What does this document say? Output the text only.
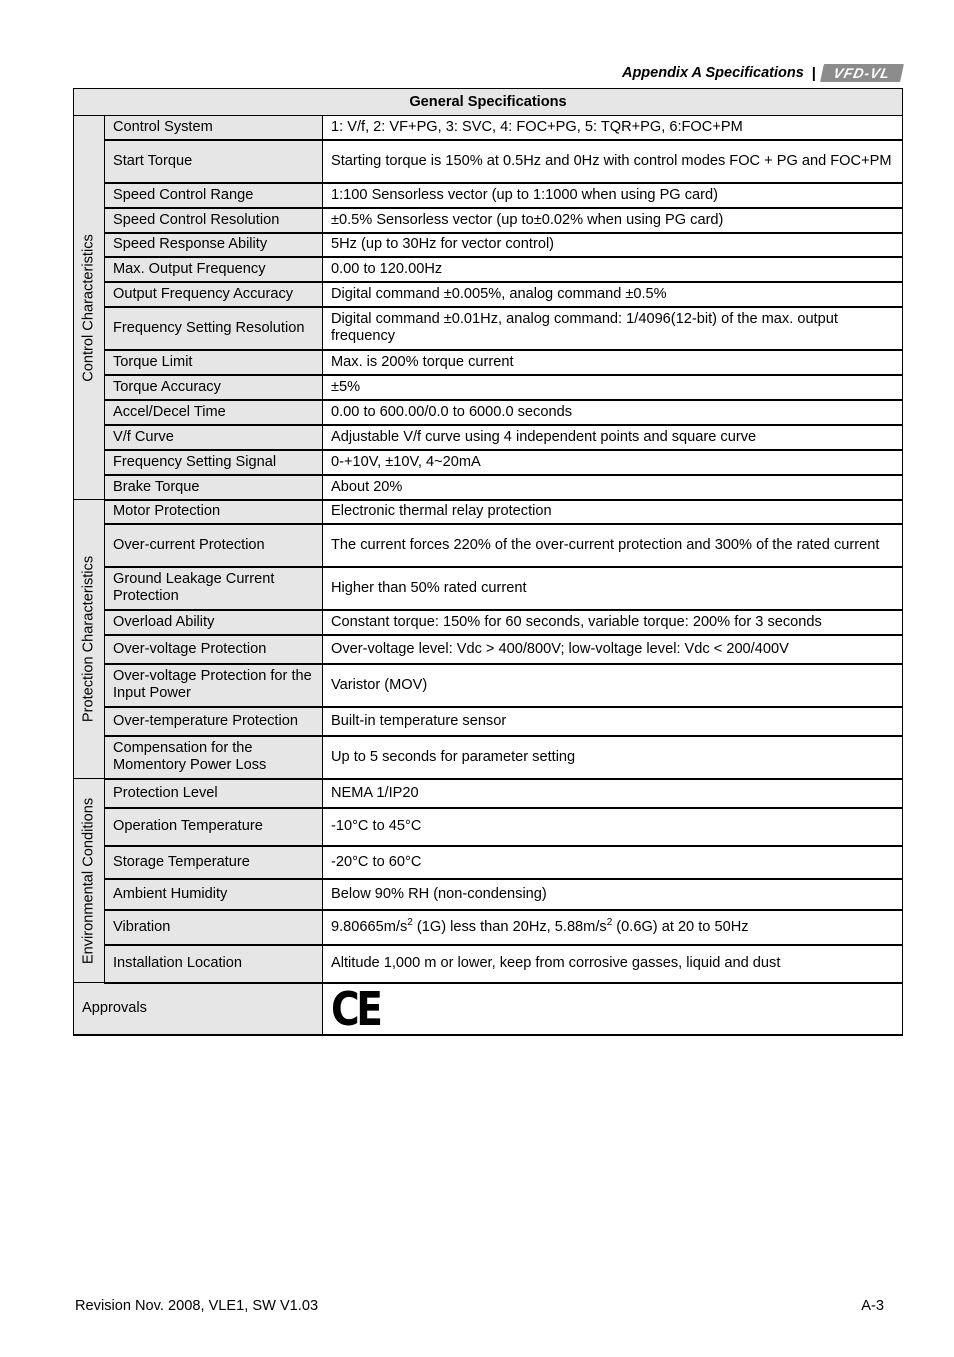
Appendix A Specifications | VFD-VL
General Specifications		

Control Characteristics	Control System	1: V/f, 2: VF+PG, 3: SVC, 4: FOC+PG, 5: TQR+PG, 6:FOC+PM
	Start Torque	Starting torque is 150% at 0.5Hz and 0Hz with control modes FOC + PG and FOC+PM
	Speed Control Range	1:100 Sensorless vector (up to 1:1000 when using PG card)
	Speed Control Resolution	±0.5% Sensorless vector (up to±0.02% when using PG card)
	Speed Response Ability	5Hz (up to 30Hz for vector control)
	Max. Output Frequency	0.00 to 120.00Hz
	Output Frequency Accuracy	Digital command ±0.005%, analog command ±0.5%
	Frequency Setting Resolution	Digital command ±0.01Hz, analog command: 1/4096(12-bit) of the max. output frequency
	Torque Limit	Max. is 200% torque current
	Torque Accuracy	±5%
	Accel/Decel Time	0.00 to 600.00/0.0 to 6000.0 seconds
	V/f Curve	Adjustable V/f curve using 4 independent points and square curve
	Frequency Setting Signal	0-+10V, ±10V, 4~20mA
	Brake Torque	About 20%

Protection Characteristics	Motor Protection	Electronic thermal relay protection
	Over-current Protection	The current forces 220% of the over-current protection and 300% of the rated current
	Ground Leakage Current Protection	Higher than 50% rated current
	Overload Ability	Constant torque: 150% for 60 seconds, variable torque: 200% for 3 seconds
	Over-voltage Protection	Over-voltage level: Vdc > 400/800V; low-voltage level: Vdc < 200/400V
	Over-voltage Protection for the Input Power	Varistor (MOV)
	Over-temperature Protection	Built-in temperature sensor
	Compensation for the Momentory Power Loss	Up to 5 seconds for parameter setting

Environmental Conditions	Protection Level	NEMA 1/IP20
	Operation Temperature	-10°C to 45°C
	Storage Temperature	-20°C to 60°C
	Ambient Humidity	Below 90% RH (non-condensing)
	Vibration	$9.80665m/s^2$ (1G) less than 20Hz, $5.88m/s^2$ (0.6G) at 20 to 50Hz
	Installation Location	Altitude 1,000 m or lower, keep from corrosive gasses, liquid and dust
Approvals		CE
Revision Nov. 2008, VLE1, SW V1.03	A-3
